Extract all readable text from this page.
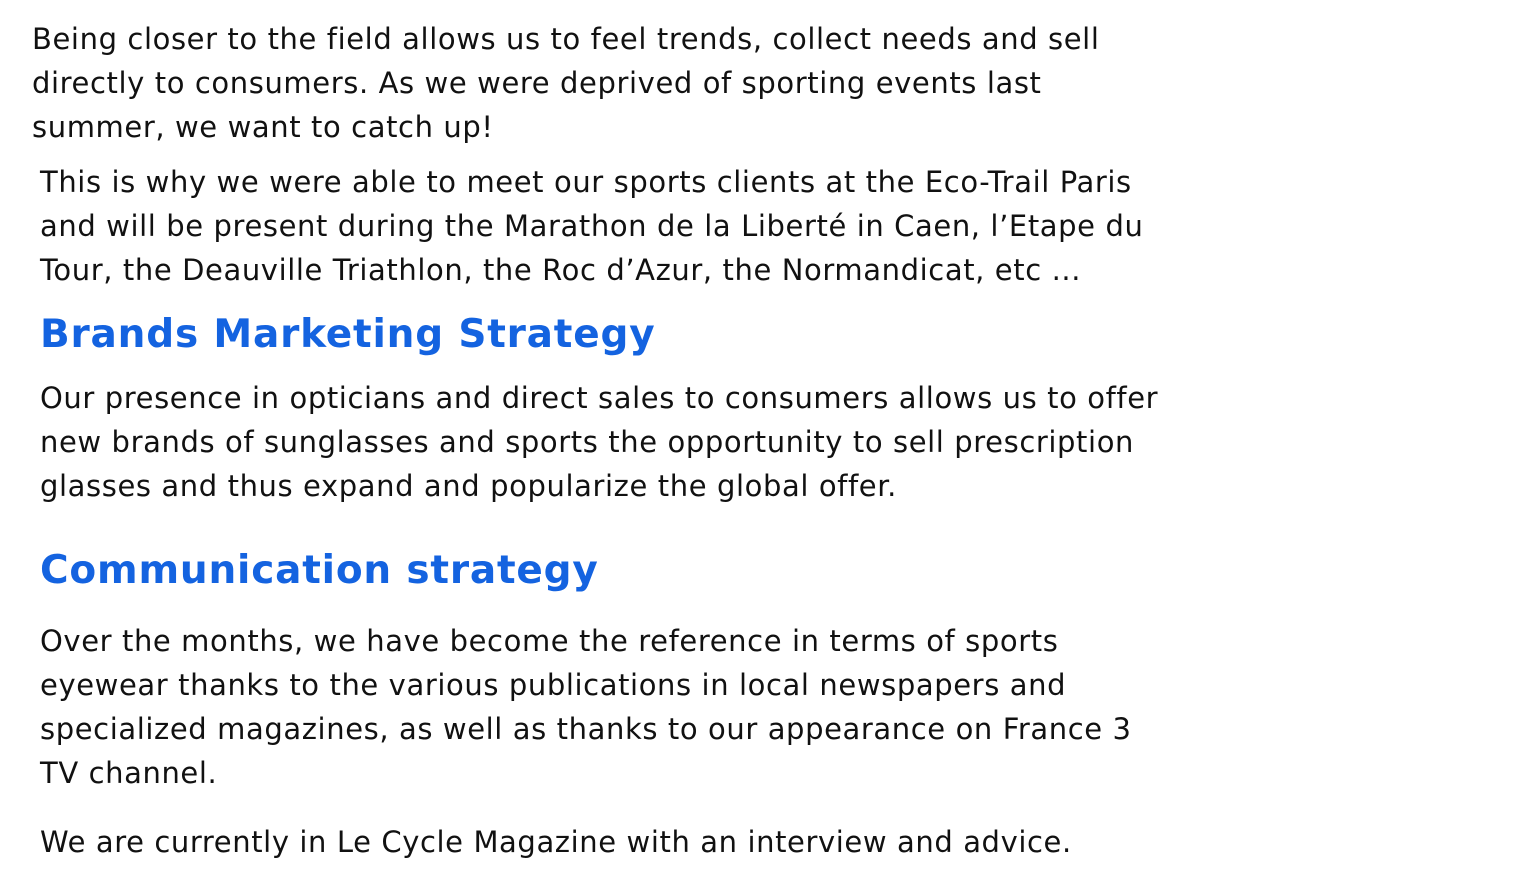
Being closer to the field allows us to feel trends, collect needs and sell
directly to consumers. As we were deprived of sporting events last
summer, we want to catch up!

This is why we were able to meet our sports clients at the Eco-Trail Paris
and will be present during the Marathon de la Liberté in Caen, l’Etape du
Tour, the Deauville Triathlon, the Roc d’Azur, the Normandicat, etc ...

Brands Marketing Strategy

Our presence in opticians and direct sales to consumers allows us to offer
new brands of sunglasses and sports the opportunity to sell prescription
glasses and thus expand and popularize the global offer.

Communication strategy

Over the months, we have become the reference in terms of sports
eyewear thanks to the various publications in local newspapers and
specialized magazines, as well as thanks to our appearance on France 3
TV channel.

We are currently in Le Cycle Magazine with an interview and advice.
